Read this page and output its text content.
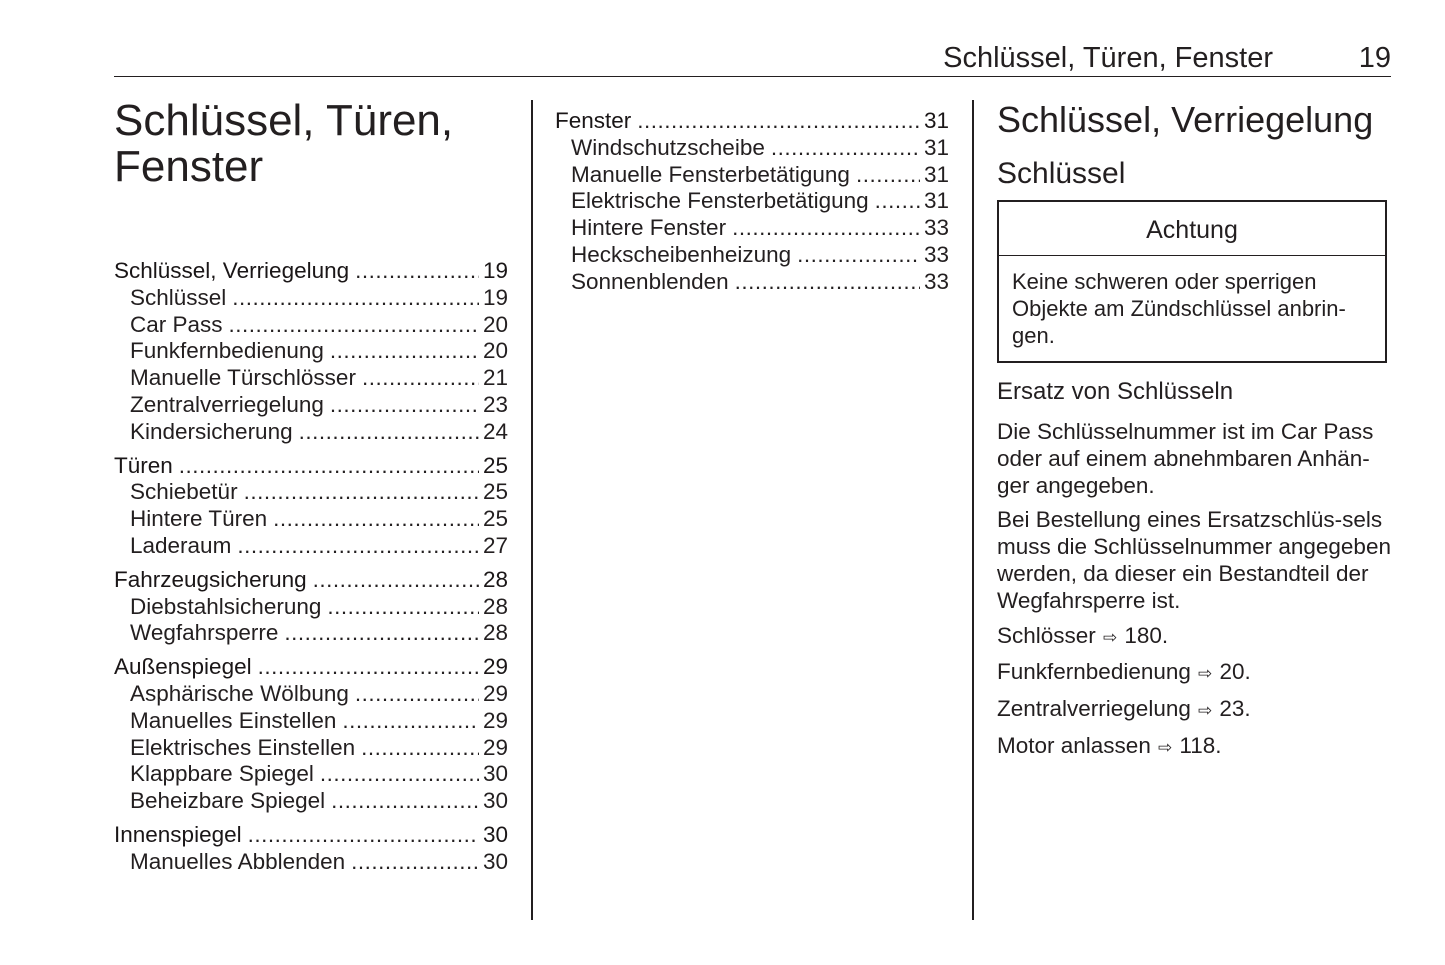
Schlüssel, Türen, Fenster	19
Schlüssel, Türen,
Fenster
Schlüssel, Verriegelung .....	19
Schlüssel .....	19
Car Pass .....	20
Funkfernbedienung .....	20
Manuelle Türschlösser .....	21
Zentralverriegelung .....	23
Kindersicherung .....	24
Türen .....	25
Schiebetür .....	25
Hintere Türen .....	25
Laderaum .....	27
Fahrzeugsicherung .....	28
Diebstahlsicherung .....	28
Wegfahrsperre .....	28
Außenspiegel .....	29
Asphärische Wölbung .....	29
Manuelles Einstellen .....	29
Elektrisches Einstellen .....	29
Klappbare Spiegel .....	30
Beheizbare Spiegel .....	30
Innenspiegel .....	30
Manuelles Abblenden .....	30
Fenster .....	31
Windschutzscheibe .....	31
Manuelle Fensterbetätigung .....	31
Elektrische Fensterbetätigung ..... 31
Hintere Fenster .....	33
Heckscheibenheizung .....	33
Sonnenblenden .....	33
Schlüssel, Verriegelung
Schlüssel
Achtung
Keine schweren oder sperrigen Objekte am Zündschlüssel anbrin-gen.
Ersatz von Schlüsseln

Die Schlüsselnummer ist im Car Pass oder auf einem abnehmbaren Anhän-ger angegeben.

Bei Bestellung eines Ersatzschlüs-sels muss die Schlüsselnummer angegeben werden, da dieser ein Bestandteil der Wegfahrsperre ist.

Schlösser ⇨ 180.

Funkfernbedienung ⇨ 20.

Zentralverriegelung ⇨ 23.

Motor anlassen ⇨ 118.
